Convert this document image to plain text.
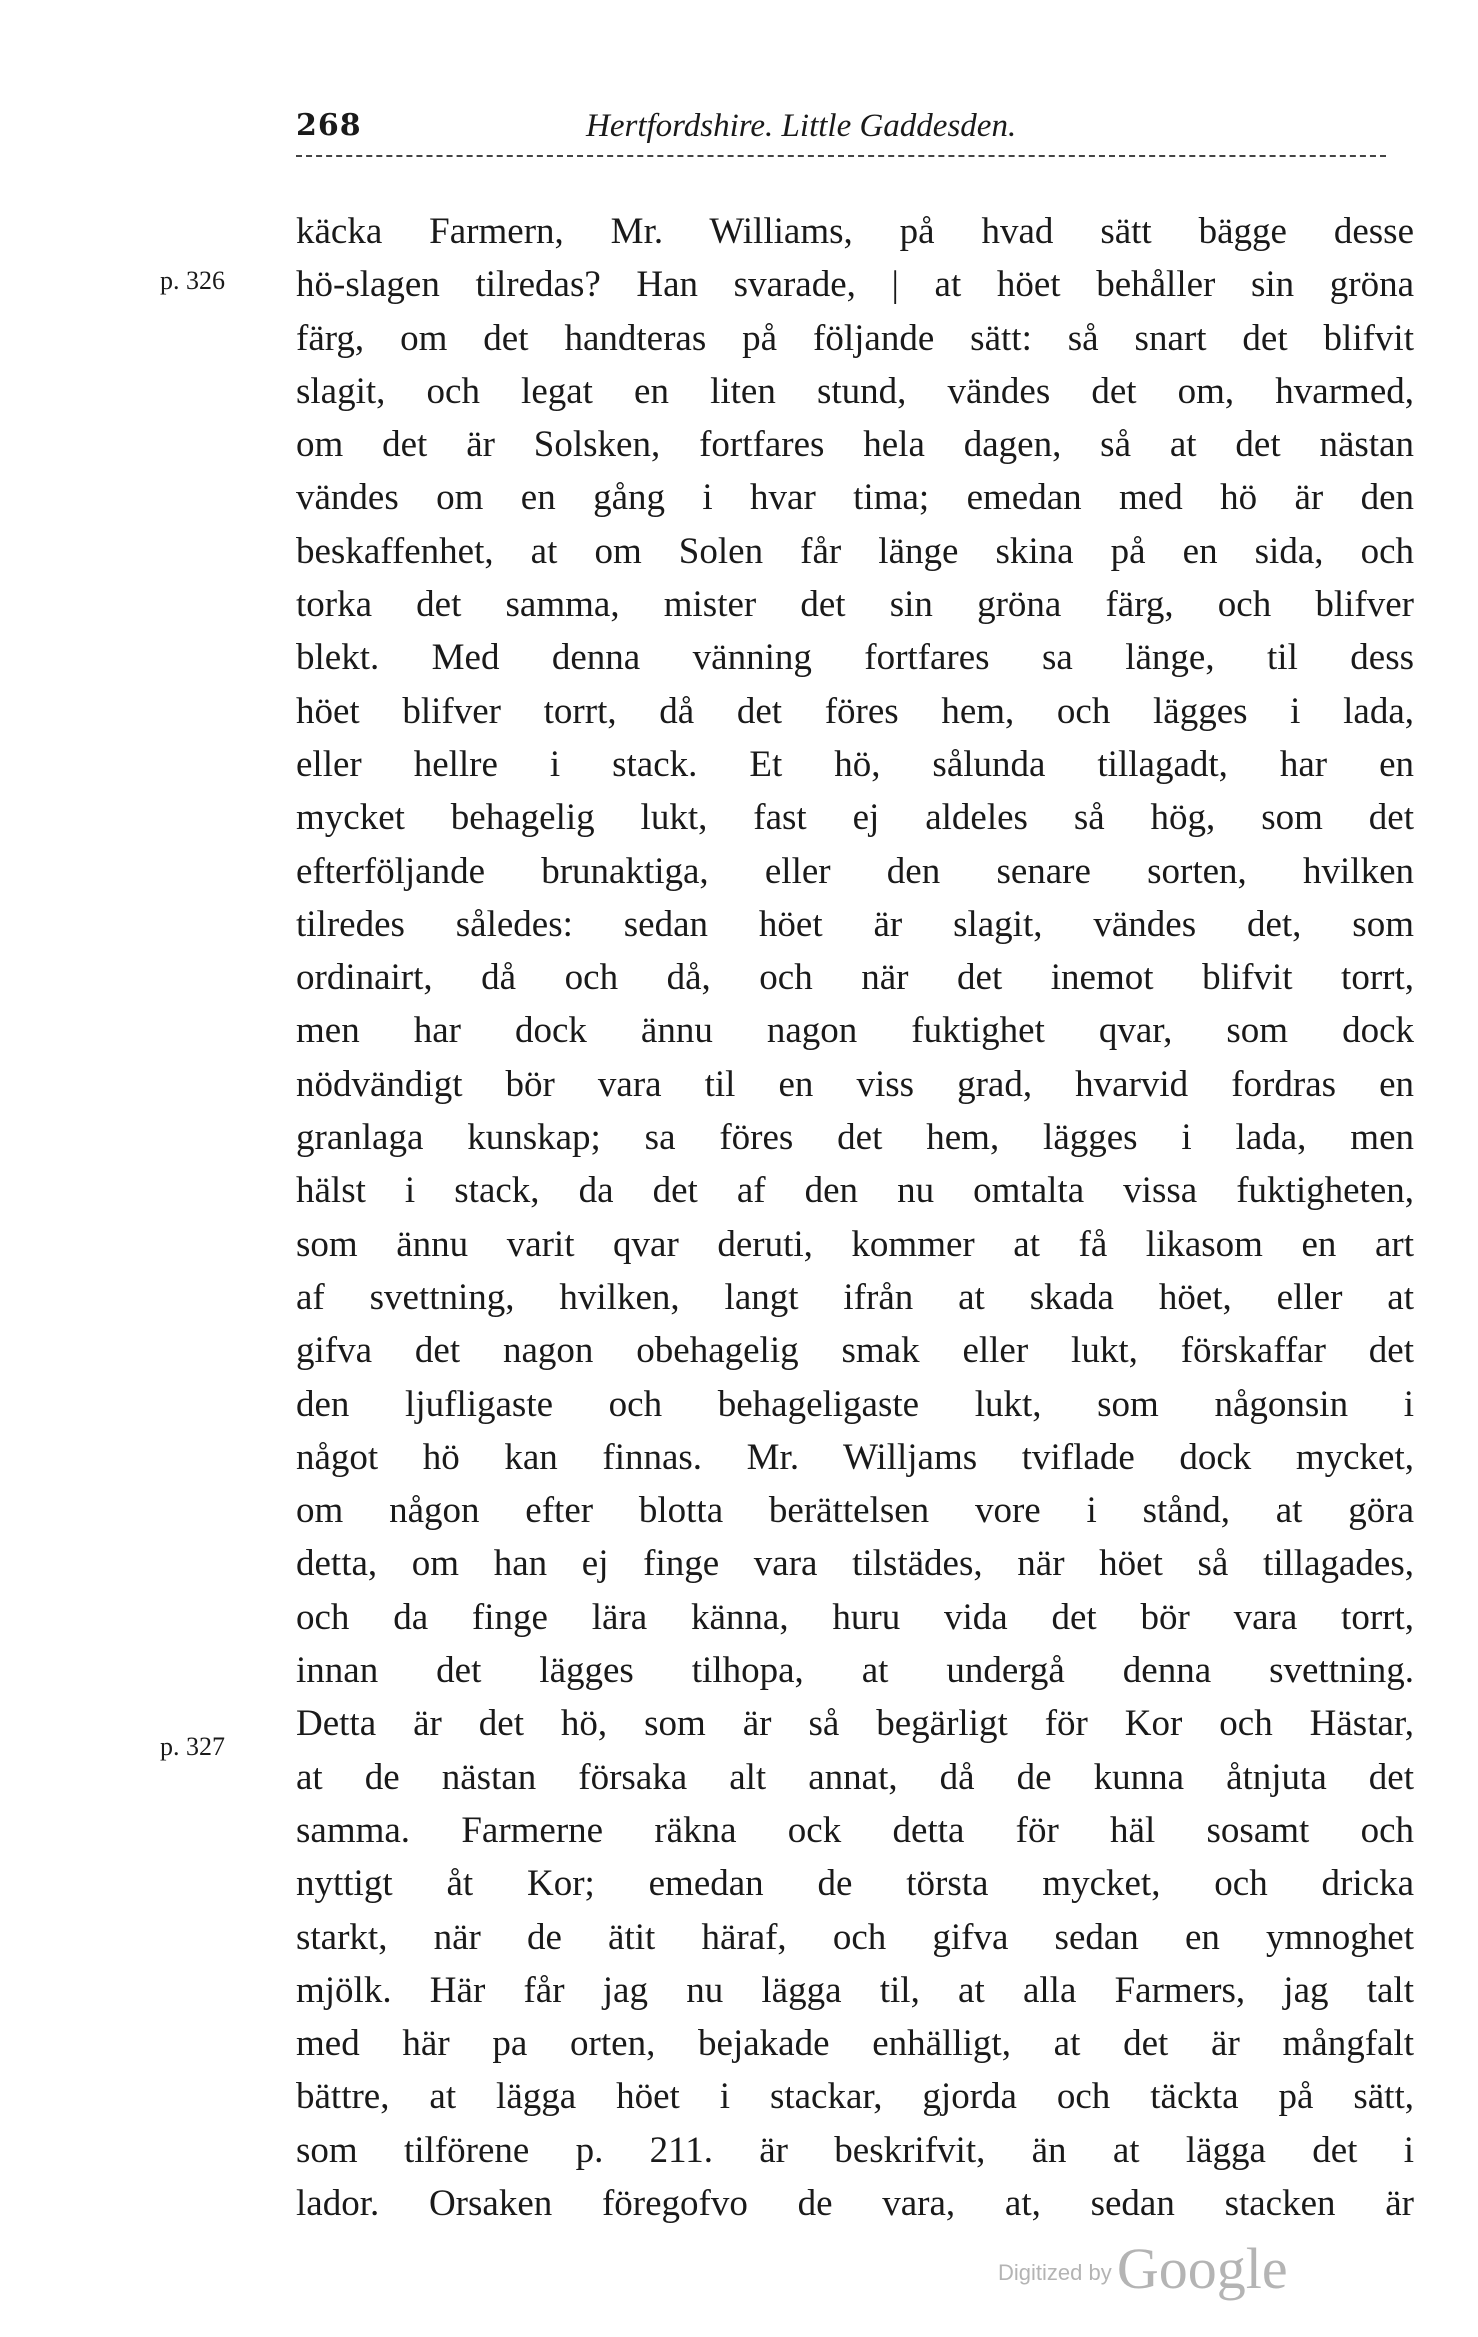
268	Hertfordshire. Little Gaddesden.
p. 326
p. 327
käcka Farmern, Mr. Williams, på hvad sätt bägge desse
hö-slagen tilredas? Han svarade, | at höet behåller sin gröna
färg, om det handteras på följande sätt: så snart det blifvit
slagit, och legat en liten stund, vändes det om, hvarmed,
om det är Solsken, fortfares hela dagen, så at det nästan
vändes om en gång i hvar tima; emedan med hö är den
beskaffenhet, at om Solen får länge skina på en sida, och
torka det samma, mister det sin gröna färg, och blifver
blekt. Med denna vänning fortfares sa länge, til dess
höet blifver torrt, då det föres hem, och lägges i lada,
eller hellre i stack. Et hö, sålunda tillagadt, har en
mycket behagelig lukt, fast ej aldeles så hög, som det
efterföljande brunaktiga, eller den senare sorten, hvilken
tilredes således: sedan höet är slagit, vändes det, som
ordinairt, då och då, och när det inemot blifvit torrt,
men har dock ännu nagon fuktighet qvar, som dock
nödvändigt bör vara til en viss grad, hvarvid fordras en
granlaga kunskap; sa föres det hem, lägges i lada, men
hälst i stack, da det af den nu omtalta vissa fuktigheten,
som ännu varit qvar deruti, kommer at få likasom en art
af svettning, hvilken, langt ifrån at skada höet, eller at
gifva det nagon obehagelig smak eller lukt, förskaffar det
den ljufligaste och behageligaste lukt, som någonsin i
något hö kan finnas. Mr. Willjams tviflade dock mycket,
om någon efter blotta berättelsen vore i stånd, at göra
detta, om han ej finge vara tilstädes, när höet så tillagades,
och da finge lära känna, huru vida det bör vara torrt,
innan det lägges tilhopa, at undergå denna svettning.
Detta är det hö, som är så begärligt för Kor och Hästar,
at de nästan försaka alt annat, då de kunna åtnjuta det
samma. Farmerne räkna ock detta för häl sosamt och
nyttigt åt Kor; emedan de törsta mycket, och dricka
starkt, när de ätit häraf, och gifva sedan en ymnoghet
mjölk. Här får jag nu lägga til, at alla Farmers, jag talt
med här pa orten, bejakade enhälligt, at det är mångfalt
bättre, at lägga höet i stackar, gjorda och täckta på sätt,
som tilförene p. 211. är beskrifvit, än at lägga det i
lador. Orsaken föregofvo de vara, at, sedan stacken är
Digitized by Google
